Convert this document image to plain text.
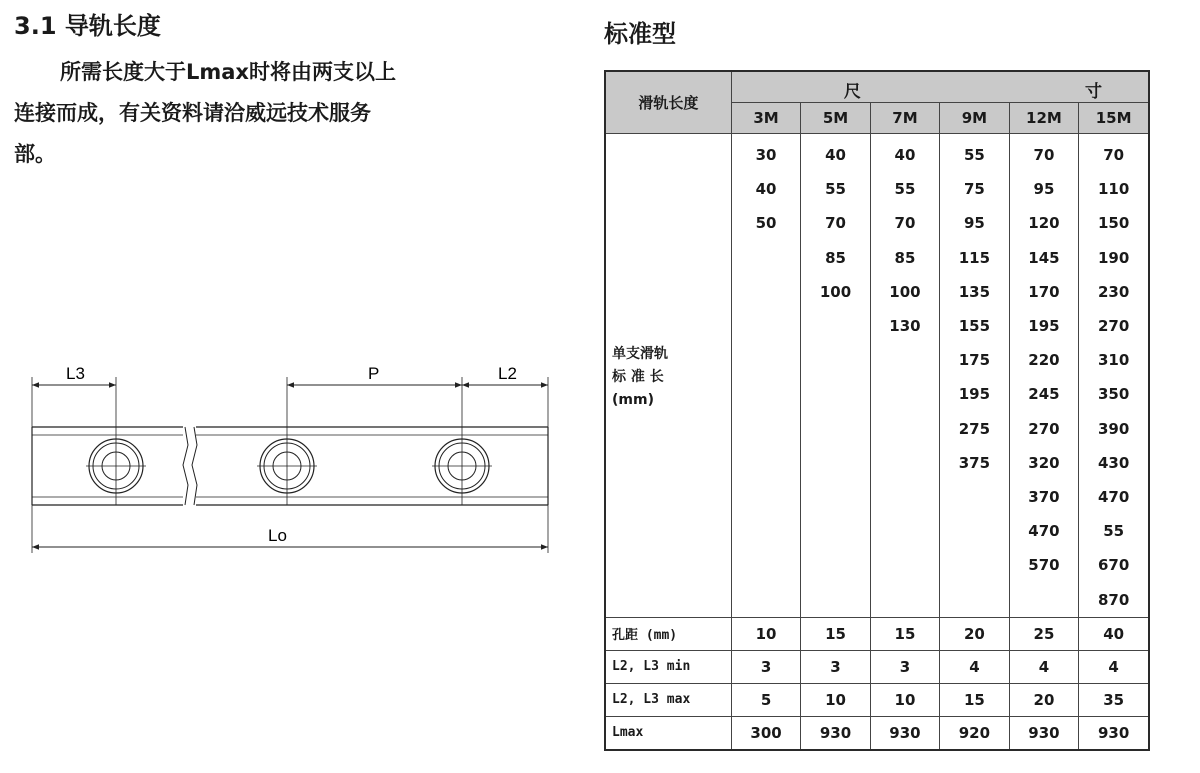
3.1 导轨长度
所需长度大于Lmax时将由两支以上
连接而成，有关资料请洽威远技术服务
部。
L3	P	L2
Lo
标准型
滑轨长度	尺 寸					

	3M	5M	7M	9M	12M	15M

单支滑轨
标 准 长
(mm)	30	40	40	55	70	70
	40	55	55	75	95	110
	50	70	70	95	120	150
		85	85	115	145	190
		100	100	135	170	230
			130	155	195	270
				175	220	310
				195	245	350
				275	270	390
				375	320	430
					370	470
					470	55
					570	670
						870
孔距 (mm)	10	15	15	20	25	40
L2, L3 min	3	3	3	4	4	4
L2, L3 max	5	10	10	15	20	35
Lmax	300	930	930	920	930	930
